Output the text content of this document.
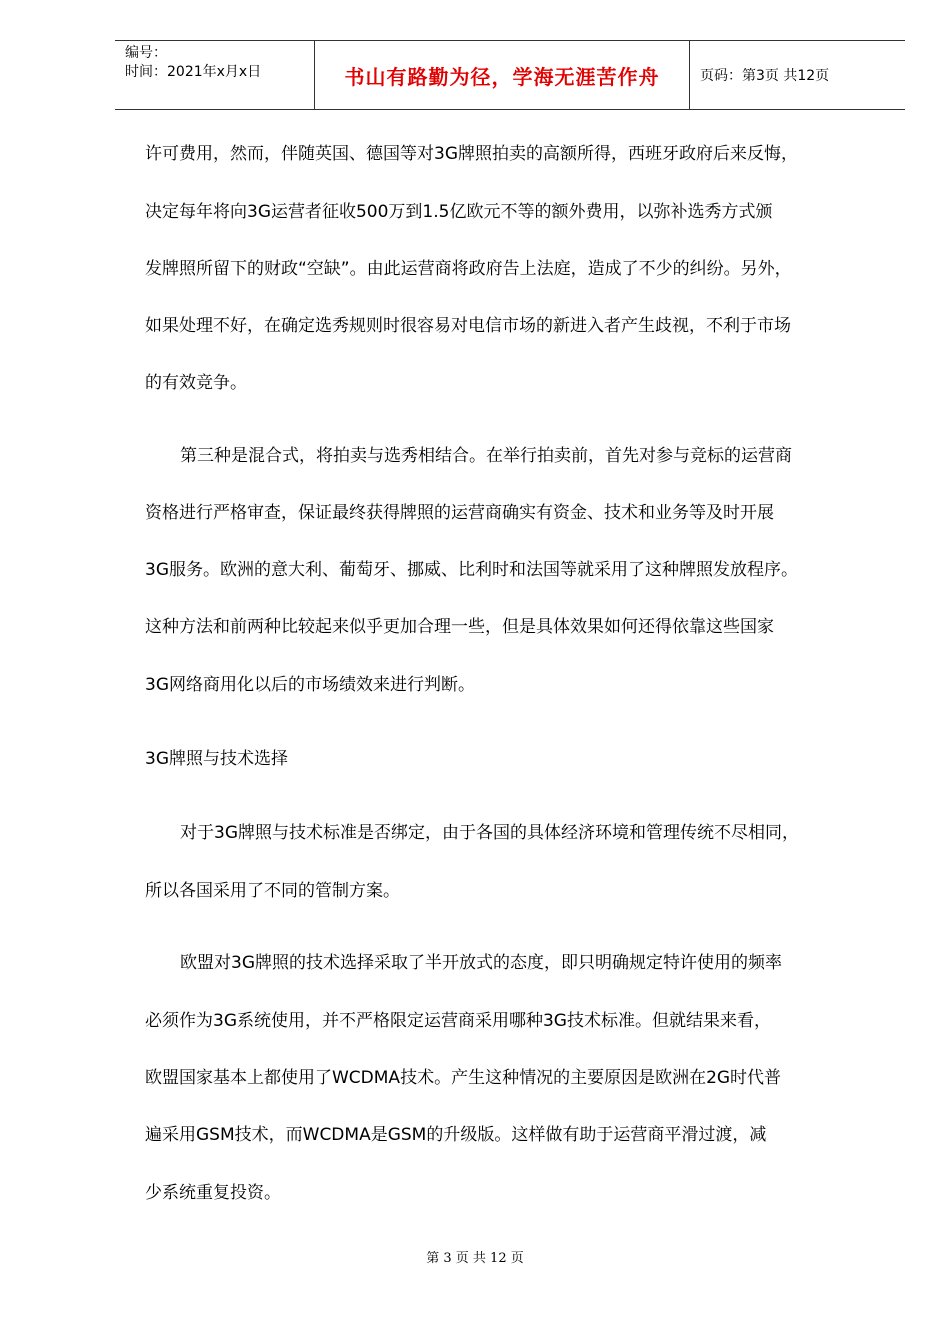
编号：
时间：2021年x月x日	书山有路勤为径，学海无涯苦作舟	页码：第3页 共12页
许可费用，然而，伴随英国、德国等对3G牌照拍卖的高额所得，西班牙政府后来反悔，
决定每年将向3G运营者征收500万到1.5亿欧元不等的额外费用，以弥补选秀方式颁
发牌照所留下的财政“空缺”。由此运营商将政府告上法庭，造成了不少的纠纷。另外，
如果处理不好，在确定选秀规则时很容易对电信市场的新进入者产生歧视，不利于市场
的有效竞争。
第三种是混合式，将拍卖与选秀相结合。在举行拍卖前，首先对参与竞标的运营商
资格进行严格审查，保证最终获得牌照的运营商确实有资金、技术和业务等及时开展
3G服务。欧洲的意大利、葡萄牙、挪威、比利时和法国等就采用了这种牌照发放程序。
这种方法和前两种比较起来似乎更加合理一些，但是具体效果如何还得依靠这些国家
3G网络商用化以后的市场绩效来进行判断。
3G牌照与技术选择
对于3G牌照与技术标准是否绑定，由于各国的具体经济环境和管理传统不尽相同，
所以各国采用了不同的管制方案。
欧盟对3G牌照的技术选择采取了半开放式的态度，即只明确规定特许使用的频率
必须作为3G系统使用，并不严格限定运营商采用哪种3G技术标准。但就结果来看，
欧盟国家基本上都使用了WCDMA技术。产生这种情况的主要原因是欧洲在2G时代普
遍采用GSM技术，而WCDMA是GSM的升级版。这样做有助于运营商平滑过渡，减
少系统重复投资。
第 3 页 共 12 页
